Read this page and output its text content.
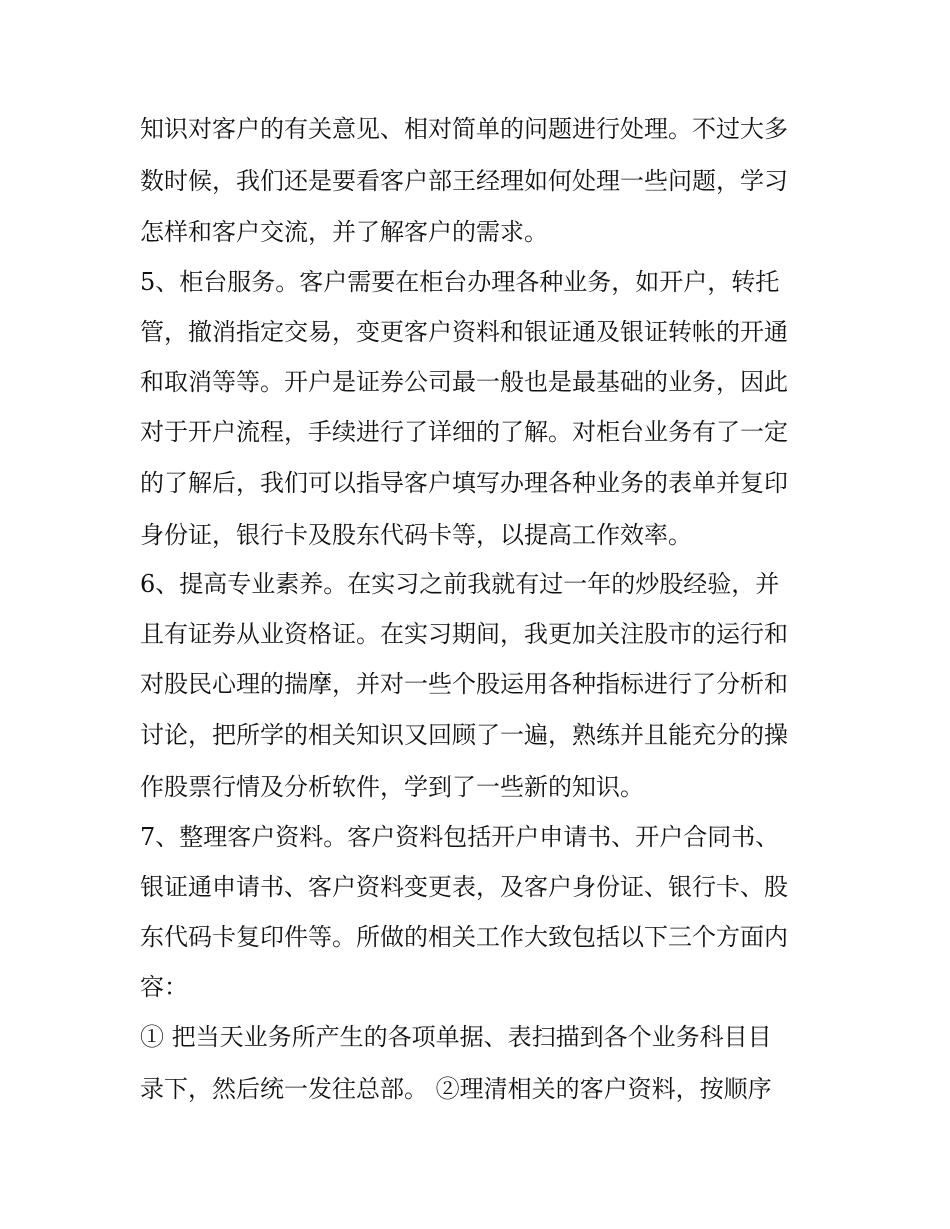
知识对客户的有关意见、相对简单的问题进行处理。不过大多
数时候，我们还是要看客户部王经理如何处理一些问题，学习
怎样和客户交流，并了解客户的需求。
5、柜台服务。客户需要在柜台办理各种业务，如开户，转托
管，撤消指定交易，变更客户资料和银证通及银证转帐的开通
和取消等等。开户是证券公司最一般也是最基础的业务，因此
对于开户流程，手续进行了详细的了解。对柜台业务有了一定
的了解后，我们可以指导客户填写办理各种业务的表单并复印
身份证，银行卡及股东代码卡等，以提高工作效率。
6、提高专业素养。在实习之前我就有过一年的炒股经验，并
且有证券从业资格证。在实习期间，我更加关注股市的运行和
对股民心理的揣摩，并对一些个股运用各种指标进行了分析和
讨论，把所学的相关知识又回顾了一遍，熟练并且能充分的操
作股票行情及分析软件，学到了一些新的知识。
7、整理客户资料。客户资料包括开户申请书、开户合同书、
银证通申请书、客户资料变更表，及客户身份证、银行卡、股
东代码卡复印件等。所做的相关工作大致包括以下三个方面内
容：
① 把当天业务所产生的各项单据、表扫描到各个业务科目目
录下，然后统一发往总部。 ②理清相关的客户资料，按顺序
